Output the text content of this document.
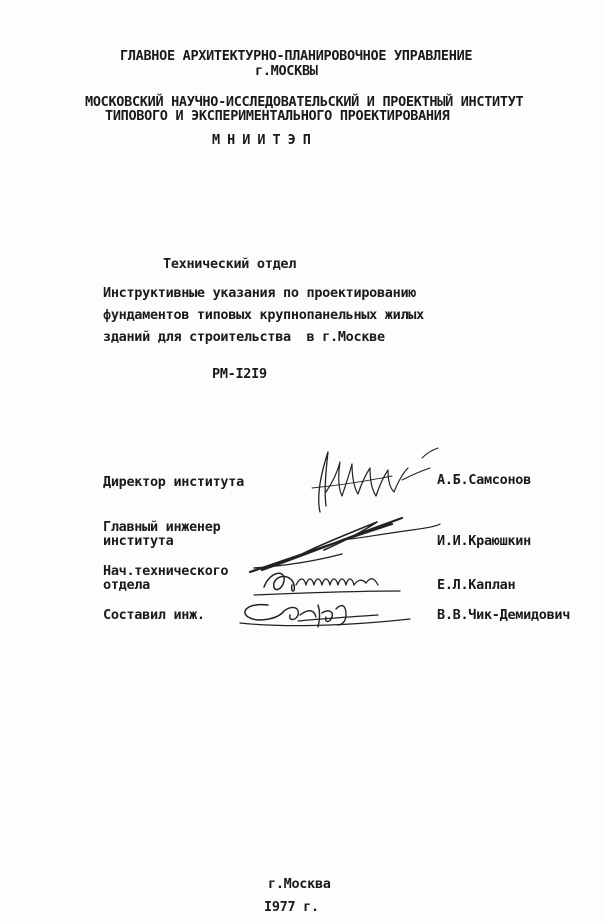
ГЛАВНОЕ АРХИТЕКТУРНО-ПЛАНИРОВОЧНОЕ УПРАВЛЕНИЕ
г.МОСКВЫ
МОСКОВСКИЙ НАУЧНО-ИССЛЕДОВАТЕЛЬСКИЙ И ПРОЕКТНЫЙ ИНСТИТУТ
ТИПОВОГО И ЭКСПЕРИМЕНТАЛЬНОГО ПРОЕКТИРОВАНИЯ
МНИИТЭП
Технический отдел
Инструктивные указания по проектированию
фундаментов типовых крупнопанельных жилых
зданий для строительства  в г.Москве
РМ-I2I9
Директор института	А.Б.Самсонов
Главный инженер
института	И.И.Краюшкин
Нач.технического
отдела	Е.Л.Каплан
Составил инж.	В.В.Чик-Демидович
г.Москва
I977 г.
